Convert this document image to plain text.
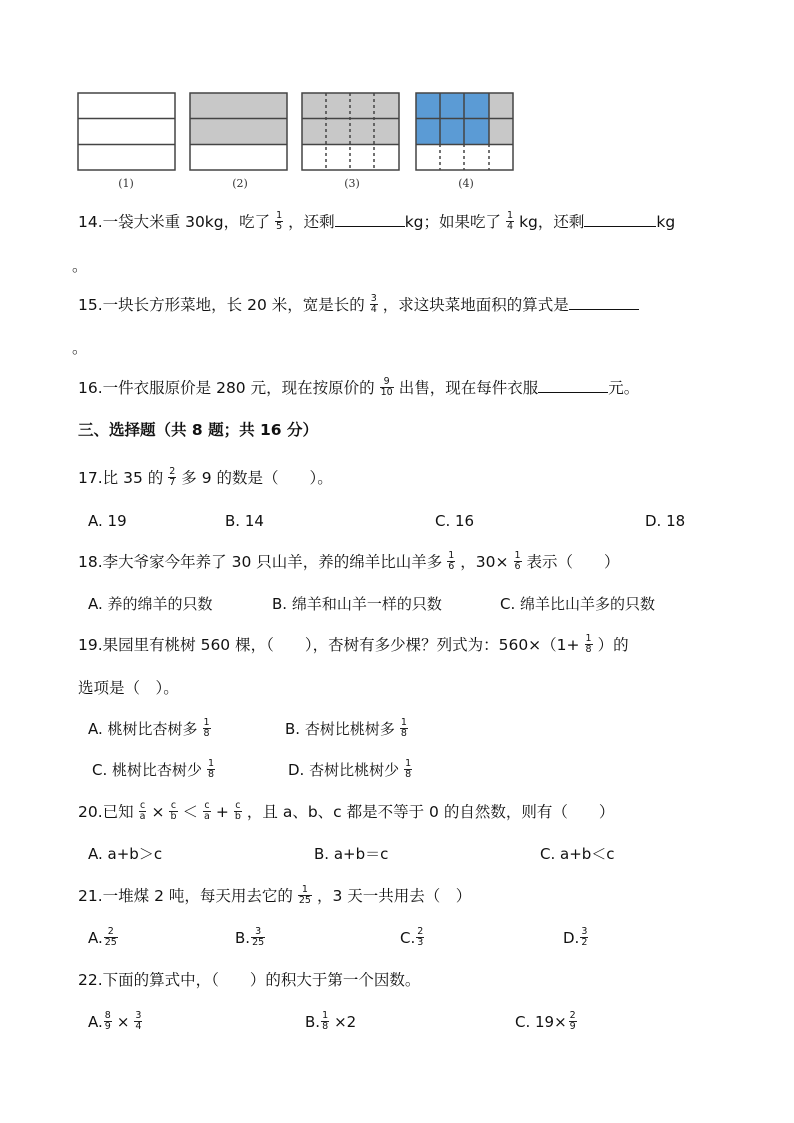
(1)	(2)	(3)	(4)
14.一袋大米重 30kg，吃了 $\frac{1}{5}$ ，还剩	kg；如果吃了 $\frac{1}{4}$ kg，还剩	kg
。
15.一块长方形菜地，长 20 米，宽是长的 $\frac{3}{4}$ ，求这块菜地面积的算式是
。
16.一件衣服原价是 280 元，现在按原价的 $\frac{9}{10}$ 出售，现在每件衣服	元。
三、选择题（共 8 题；共 16 分）
17.比 35 的 $\frac{2}{7}$ 多 9 的数是（　　）。
A. 19	B. 14	C. 16	D. 18
18.李大爷家今年养了 30 只山羊，养的绵羊比山羊多 $\frac{1}{6}$ ，$30\times \frac{1}{6}$ 表示（　　）
A. 养的绵羊的只数	B. 绵羊和山羊一样的只数	C. 绵羊比山羊多的只数
19.果园里有桃树 560 棵，（　　），杏树有多少棵？列式为：$560\times(1+ \frac{1}{8}$ ）的
选项是（　）。
A. 桃树比杏树多 $\frac{1}{8}$	B. 杏树比桃树多 $\frac{1}{8}$
C. 桃树比杏树少 $\frac{1}{8}$	D. 杏树比桃树少 $\frac{1}{8}$
20.已知 $\frac{c}{a} \times \frac{c}{b} < \frac{c}{a} + \frac{c}{b}$ ，且 a、b、c 都是不等于 0 的自然数，则有（　　）
A. a+b＞c	B. a+b＝c	C. a+b＜c
21.一堆煤 2 吨，每天用去它的 $\frac{1}{25}$ ，3 天一共用去（　）
A. $\frac{2}{25}$	B. $\frac{3}{25}$	C. $\frac{2}{3}$	D. $\frac{3}{2}$
22.下面的算式中，（　　）的积大于第一个因数。
A. $\frac{8}{9} \times \frac{3}{4}$	B. $\frac{1}{8} \times 2$	C. $19\times \frac{2}{9}$
